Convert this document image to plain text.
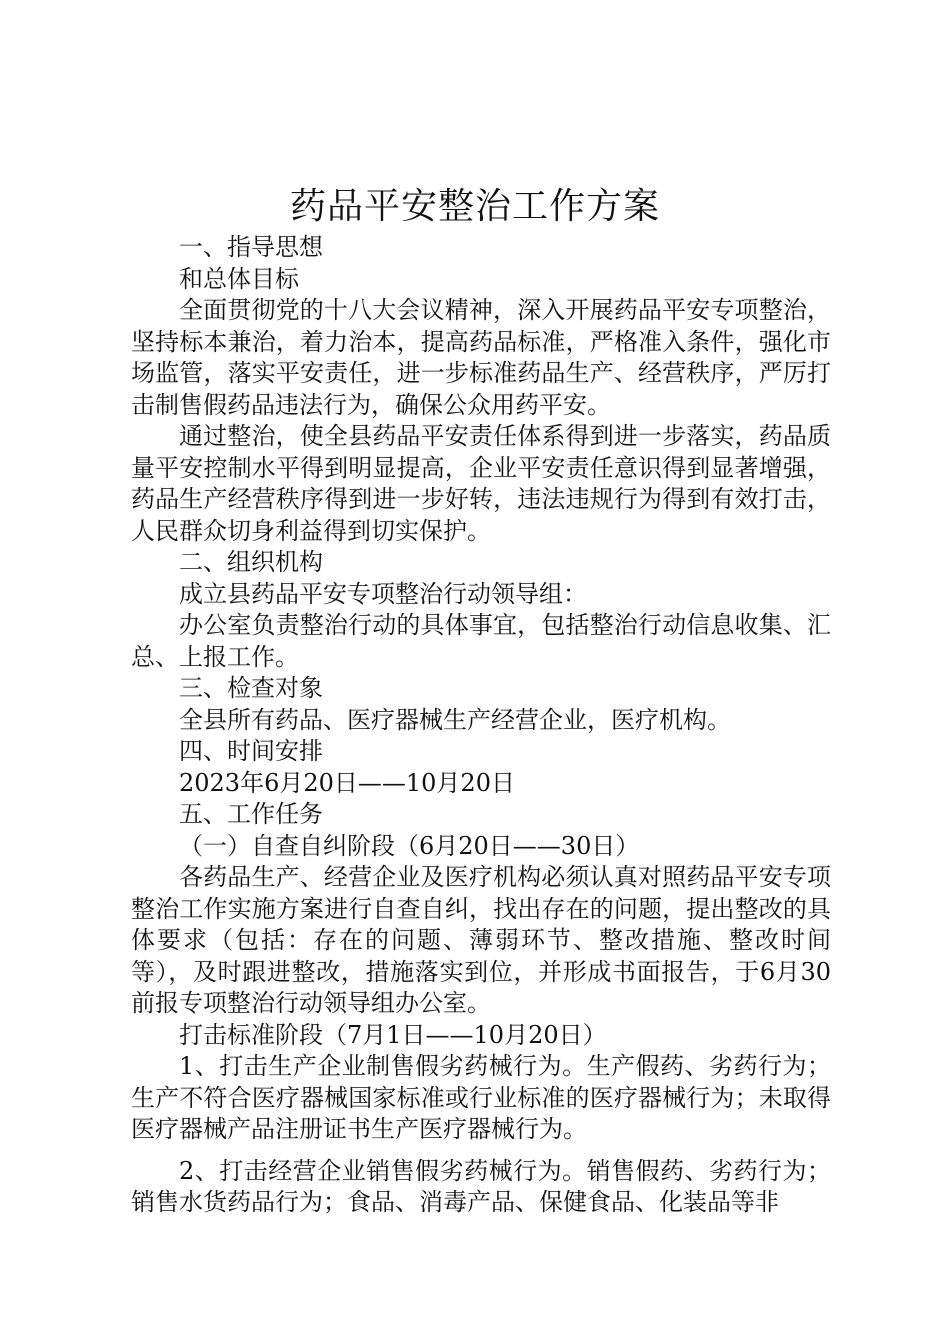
药品平安整治工作方案

一、指导思想

和总体目标

全面贯彻党的十八大会议精神，深入开展药品平安专项整治，坚持标本兼治，着力治本，提高药品标准，严格准入条件，强化市场监管，落实平安责任，进一步标准药品生产、经营秩序，严厉打击制售假药品违法行为，确保公众用药平安。

通过整治，使全县药品平安责任体系得到进一步落实，药品质量平安控制水平得到明显提高，企业平安责任意识得到显著增强，药品生产经营秩序得到进一步好转，违法违规行为得到有效打击，人民群众切身利益得到切实保护。

二、组织机构

成立县药品平安专项整治行动领导组：

办公室负责整治行动的具体事宜，包括整治行动信息收集、汇总、上报工作。

三、检查对象

全县所有药品、医疗器械生产经营企业，医疗机构。

四、时间安排

2023年6月20日——10月20日

五、工作任务

（一）自查自纠阶段（6月20日——30日）

各药品生产、经营企业及医疗机构必须认真对照药品平安专项整治工作实施方案进行自查自纠，找出存在的问题，提出整改的具体要求（包括：存在的问题、薄弱环节、整改措施、整改时间等），及时跟进整改，措施落实到位，并形成书面报告，于6月30前报专项整治行动领导组办公室。

打击标准阶段（7月1日——10月20日）

1、打击生产企业制售假劣药械行为。生产假药、劣药行为；生产不符合医疗器械国家标准或行业标准的医疗器械行为；未取得医疗器械产品注册证书生产医疗器械行为。

2、打击经营企业销售假劣药械行为。销售假药、劣药行为；销售水货药品行为；食品、消毒产品、保健食品、化装品等非
